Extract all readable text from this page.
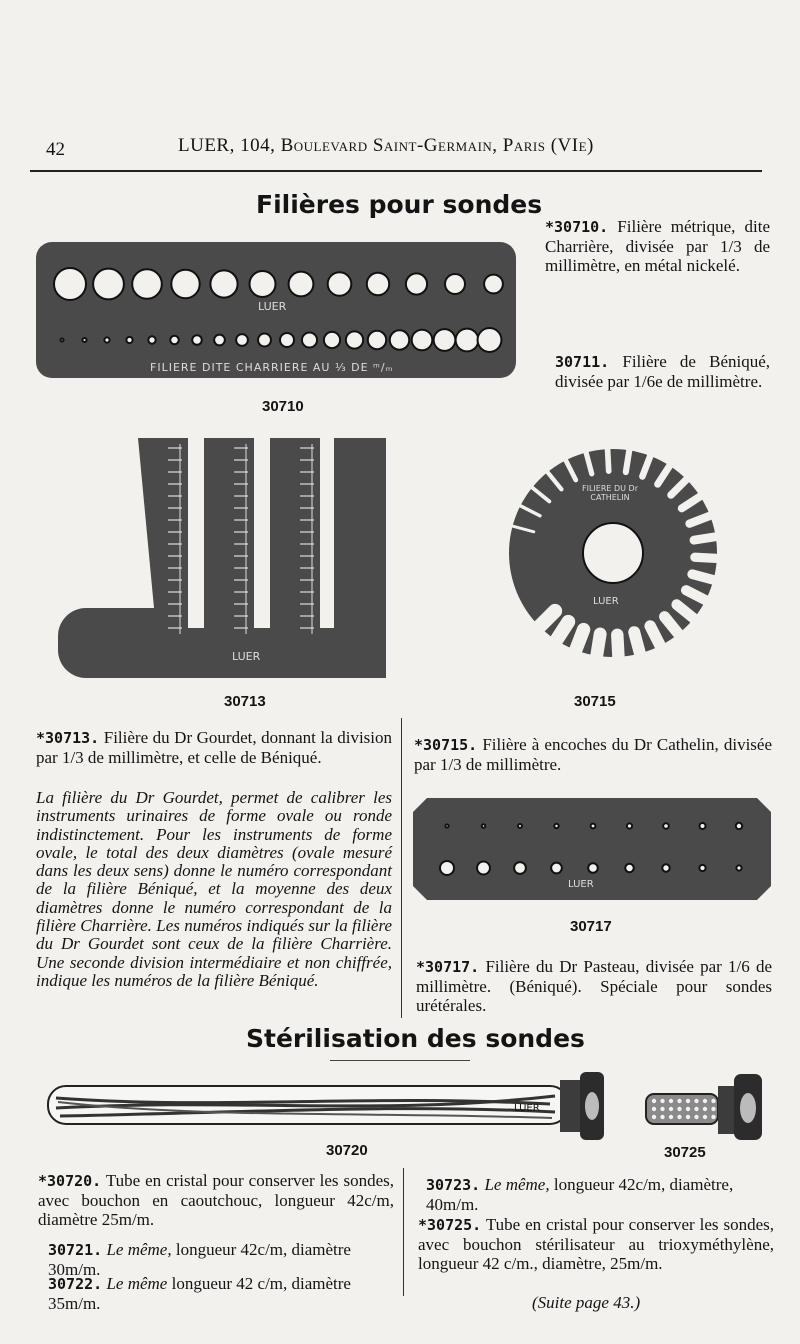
42	LUER, 104, Boulevard Saint-Germain, Paris (VIe)
Filières pour sondes
FILIERE DITE CHARRIERE AU ⅓ DE ᵐ/ₘ
LUER
30710
*30710. Filière métrique, dite Charrière, divisée par 1/3 de millimètre, en métal nickelé.
30711. Filière de Béniqué, divisée par 1/6e de millimètre.
LUER
30713
FILIERE DU Dr CATHELIN
LUER
30715
*30713. Filière du Dr Gourdet, donnant la division par 1/3 de millimètre, et celle de Béniqué.
La filière du Dr Gourdet, permet de calibrer les instruments urinaires de forme ovale ou ronde indistinctement. Pour les instruments de forme ovale, le total des deux diamètres (ovale mesuré dans les deux sens) donne le numéro correspondant de la filière Béniqué, et la moyenne des deux diamètres donne le numéro correspondant de la filière Charrière. Les numéros indiqués sur la filière du Dr Gourdet sont ceux de la filière Charrière. Une seconde division intermédiaire et non chiffrée, indique les numéros de la filière Béniqué.
*30715. Filière à encoches du Dr Cathelin, divisée par 1/3 de millimètre.
LUER
30717
*30717. Filière du Dr Pasteau, divisée par 1/6 de millimètre. (Béniqué). Spéciale pour sondes urétérales.
Stérilisation des sondes
LUER
30720	30725
*30720. Tube en cristal pour conserver les sondes, avec bouchon en caoutchouc, longueur 42c/m, diamètre 25m/m.
30721. Le même, longueur 42c/m, diamètre 30m/m.
30722. Le même longueur 42 c/m, diamètre 35m/m.
30723. Le même, longueur 42c/m, diamètre, 40m/m.
*30725. Tube en cristal pour conserver les sondes, avec bouchon stérilisateur au trioxyméthylène, longueur 42 c/m., diamètre, 25m/m.
(Suite page 43.)
